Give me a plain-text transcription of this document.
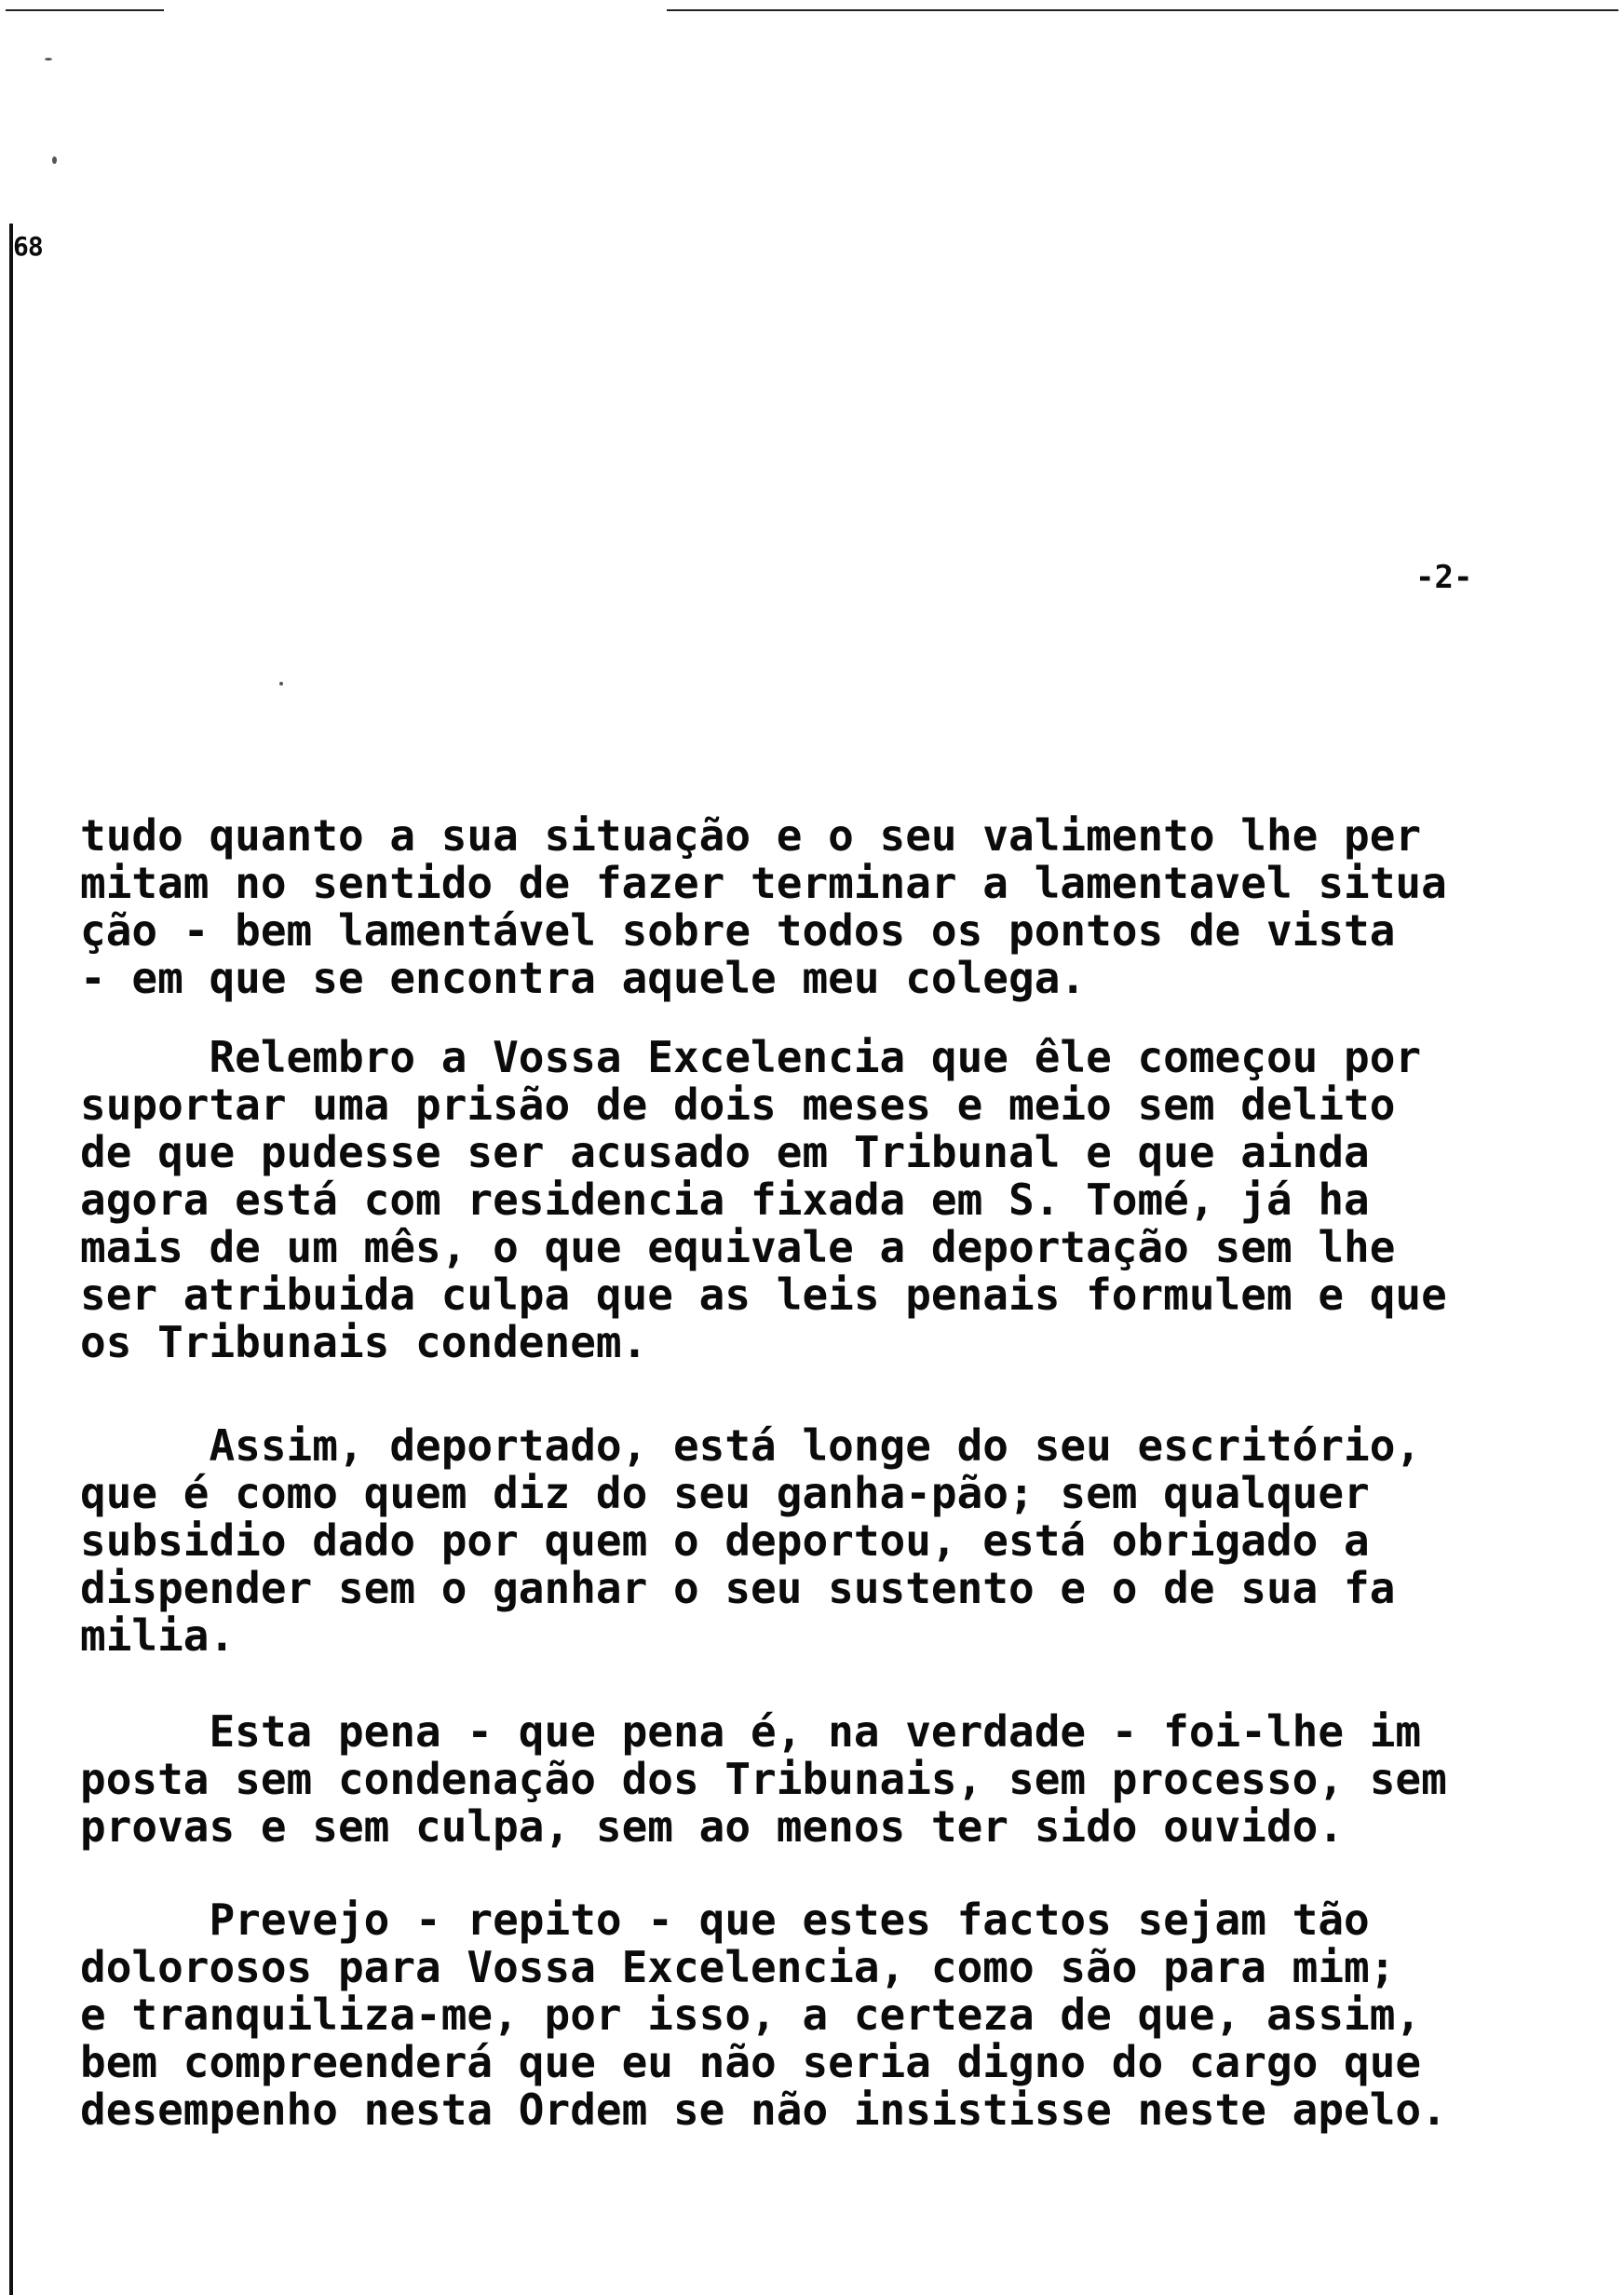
68
-2-
tudo quanto a sua situação e o seu valimento lhe per
mitam no sentido de fazer terminar a lamentavel situa
ção - bem lamentável sobre todos os pontos de vista
- em que se encontra aquele meu colega.
Relembro a Vossa Excelencia que êle começou por
suportar uma prisão de dois meses e meio sem delito
de que pudesse ser acusado em Tribunal e que ainda
agora está com residencia fixada em S. Tomé, já ha
mais de um mês, o que equivale a deportação sem lhe
ser atribuida culpa que as leis penais formulem e que
os Tribunais condenem.
Assim, deportado, está longe do seu escritório,
que é como quem diz do seu ganha-pão; sem qualquer
subsidio dado por quem o deportou, está obrigado a
dispender sem o ganhar o seu sustento e o de sua fa
milia.
Esta pena - que pena é, na verdade - foi-lhe im
posta sem condenação dos Tribunais, sem processo, sem
provas e sem culpa, sem ao menos ter sido ouvido.
Prevejo - repito - que estes factos sejam tão
dolorosos para Vossa Excelencia, como são para mim;
e tranquiliza-me, por isso, a certeza de que, assim,
bem compreenderá que eu não seria digno do cargo que
desempenho nesta Ordem se não insistisse neste apelo.
